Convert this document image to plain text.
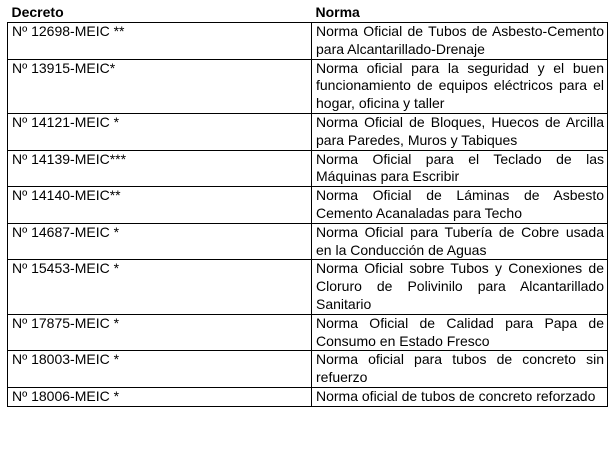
Decreto	Norma
Nº 12698-MEIC **	Norma Oficial de Tubos de Asbesto-Cemento para Alcantarillado-Drenaje
Nº 13915-MEIC*	Norma oficial para la seguridad y el buen funcionamiento de equipos eléctricos para el hogar, oficina y taller
Nº 14121-MEIC *	Norma Oficial de Bloques, Huecos de Arcilla para Paredes, Muros y Tabiques
Nº 14139-MEIC***	Norma Oficial para el Teclado de las Máquinas para Escribir
Nº 14140-MEIC**	Norma Oficial de Láminas de Asbesto Cemento Acanaladas para Techo
Nº 14687-MEIC *	Norma Oficial para Tubería de Cobre usada en la Conducción de Aguas
Nº 15453-MEIC *	Norma Oficial sobre Tubos y Conexiones de Cloruro de Polivinilo para Alcantarillado Sanitario
Nº 17875-MEIC *	Norma Oficial de Calidad para Papa de Consumo en Estado Fresco
Nº 18003-MEIC *	Norma oficial para tubos de concreto sin refuerzo
Nº 18006-MEIC *	Norma oficial de tubos de concreto reforzado
